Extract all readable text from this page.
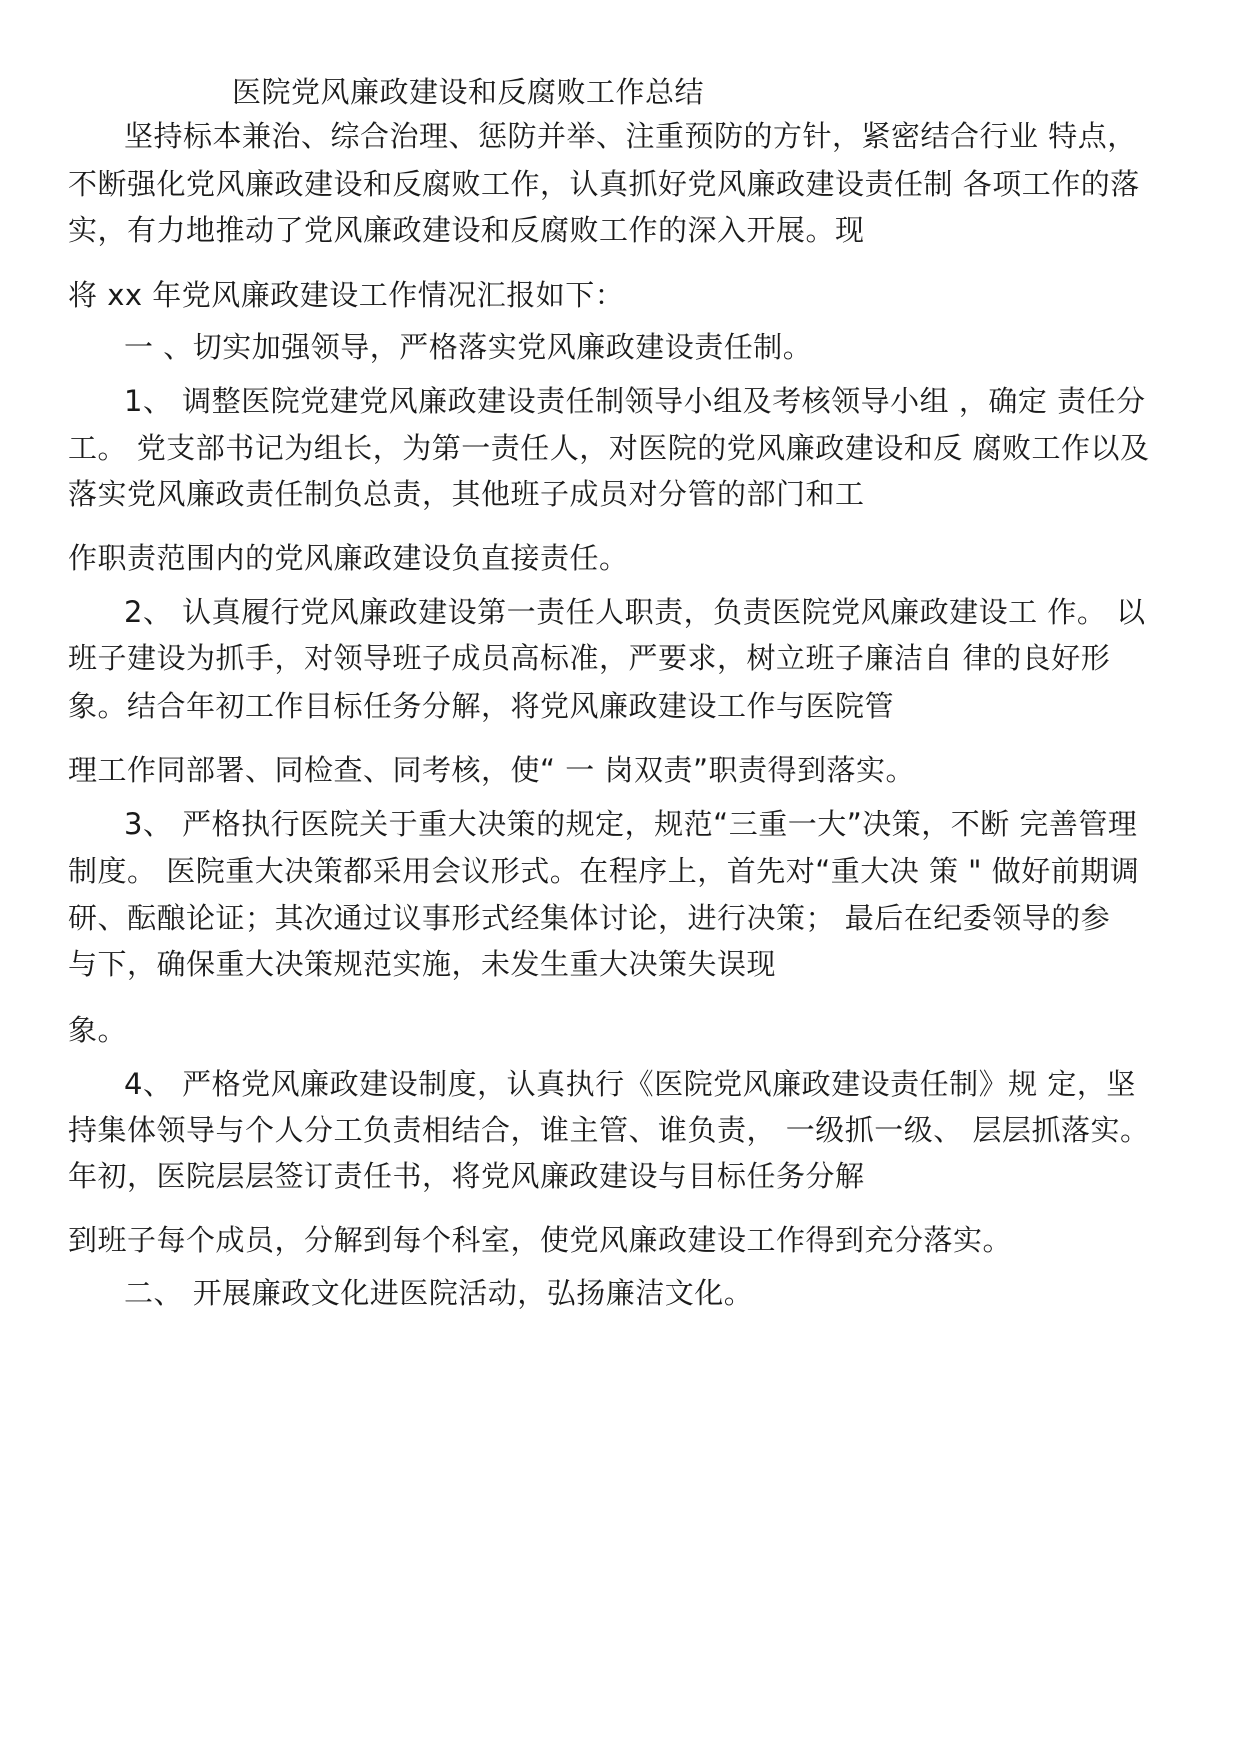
医院党风廉政建设和反腐败工作总结
坚持标本兼治、综合治理、惩防并举、注重预防的方针，紧密结合行业 特点，
不断强化党风廉政建设和反腐败工作，认真抓好党风廉政建设责任制 各项工作的落
实，有力地推动了党风廉政建设和反腐败工作的深入开展。现
将 xx 年党风廉政建设工作情况汇报如下：
一 、切实加强领导，严格落实党风廉政建设责任制。
1、 调整医院党建党风廉政建设责任制领导小组及考核领导小组 ，确定 责任分
工。 党支部书记为组长，为第一责任人，对医院的党风廉政建设和反 腐败工作以及
落实党风廉政责任制负总责，其他班子成员对分管的部门和工
作职责范围内的党风廉政建设负直接责任。
2、 认真履行党风廉政建设第一责任人职责，负责医院党风廉政建设工 作。 以
班子建设为抓手，对领导班子成员高标准，严要求，树立班子廉洁自 律的良好形
象。结合年初工作目标任务分解，将党风廉政建设工作与医院管
理工作同部署、同检查、同考核，使“ 一 岗双责”职责得到落实。
3、 严格执行医院关于重大决策的规定，规范“三重一大”决策，不断 完善管理
制度。 医院重大决策都采用会议形式。在程序上，首先对“重大决 策 " 做好前期调
研、酝酿论证；其次通过议事形式经集体讨论，进行决策； 最后在纪委领导的参
与下，确保重大决策规范实施，未发生重大决策失误现
象。
4、 严格党风廉政建设制度，认真执行《医院党风廉政建设责任制》规 定，坚
持集体领导与个人分工负责相结合，谁主管、谁负责， 一级抓一级、 层层抓落实。
年初，医院层层签订责任书，将党风廉政建设与目标任务分解
到班子每个成员，分解到每个科室，使党风廉政建设工作得到充分落实。
二、 开展廉政文化进医院活动，弘扬廉洁文化。
